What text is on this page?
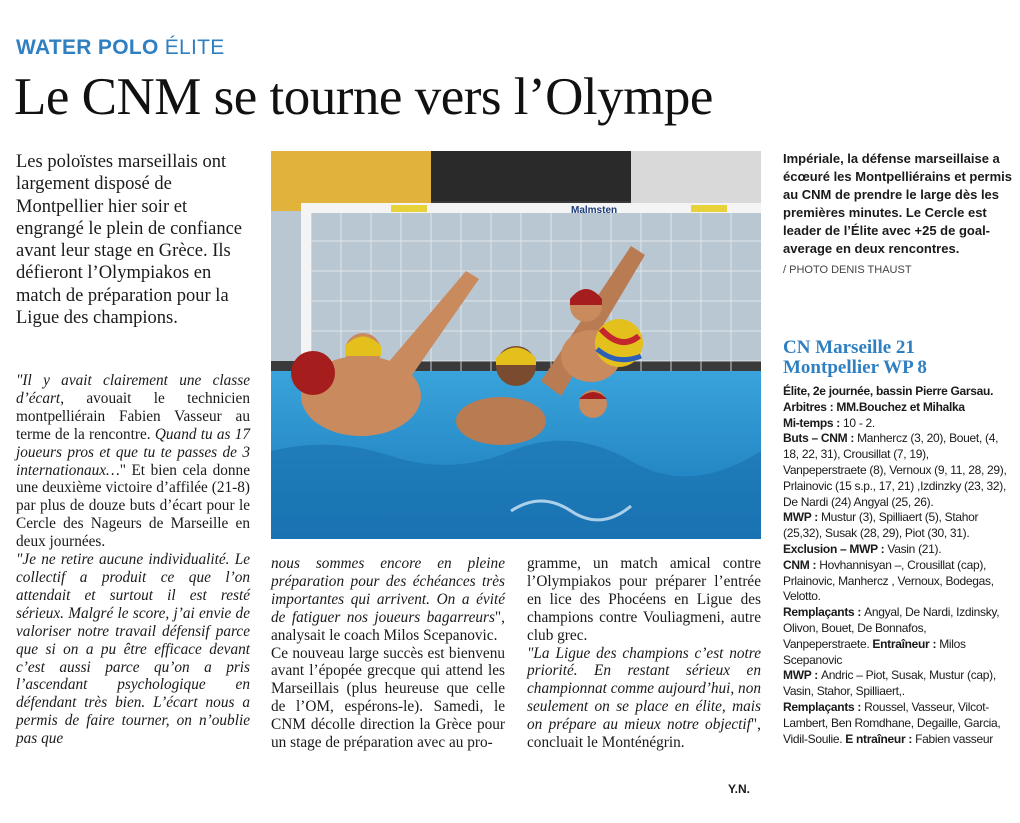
WATER POLO ÉLITE
Le CNM se tourne vers l’Olympe
Les poloïstes marseillais ont largement disposé de Montpellier hier soir et engrangé le plein de confiance avant leur stage en Grèce. Ils défieront l’Olympiakos en match de préparation pour la Ligue des champions.

"Il y avait clairement une classe d’écart, avouait le technicien montpelliérain Fabien Vasseur au terme de la rencontre. Quand tu as 17 joueurs pros et que tu te passes de 3 internationaux…" Et bien cela donne une deuxième victoire d’affilée (21-8) par plus de douze buts d’écart pour le Cercle des Nageurs de Marseille en deux journées.

"Je ne retire aucune individualité. Le collectif a produit ce que l’on attendait et surtout il est resté sérieux. Malgré le score, j’ai envie de valoriser notre travail défensif parce que si on a pu être efficace devant c’est aussi parce qu’on a pris l’ascendant psychologique en défendant très bien. L’écart nous a permis de faire tourner, on n’oublie pas que

nous sommes encore en pleine préparation pour des échéances très importantes qui arrivent. On a évité de fatiguer nos joueurs bagarreurs", analysait le coach Milos Scepanovic.

Ce nouveau large succès est bienvenu avant l’épopée grecque qui attend les Marseillais (plus heureuse que celle de l’OM, espérons-le). Samedi, le CNM décolle direction la Grèce pour un stage de préparation avec au pro-

gramme, un match amical contre l’Olympiakos pour préparer l’entrée en lice des Phocéens en Ligue des champions contre Vouliagmeni, autre club grec.

"La Ligue des champions c’est notre priorité. En restant sérieux en championnat comme aujourd’hui, non seulement on se place en élite, mais on prépare au mieux notre objectif", concluait le Monténégrin.

Y.N.
Malmsten
Impériale, la défense marseillaise a écœuré les Montpelliérains et permis au CNM de prendre le large dès les premières minutes. Le Cercle est leader de l’Élite avec +25 de goal-average en deux rencontres.
/ PHOTO DENIS THAUST
CN Marseille 21
Montpellier WP 8
Élite, 2e journée, bassin Pierre Garsau.
Arbitres : MM.Bouchez et Mihalka
Mi-temps : 10 - 2.
Buts – CNM : Manhercz (3, 20), Bouet, (4, 18, 22, 31), Crousillat (7, 19), Vanpeperstraete (8), Vernoux (9, 11, 28, 29), Prlainovic (15 s.p., 17, 21) ,Izdinzky (23, 32), De Nardi (24) Angyal (25, 26).
MWP : Mustur (3), Spilliaert (5), Stahor (25,32), Susak (28, 29), Piot (30, 31).
Exclusion – MWP : Vasin (21).
CNM : Hovhannisyan –, Crousillat (cap), Prlainovic, Manhercz , Vernoux, Bodegas, Velotto.
Remplaçants : Angyal, De Nardi, Izdinsky, Olivon, Bouet, De Bonnafos, Vanpeperstraete. Entraîneur : Milos Scepanovic
MWP : Andric – Piot, Susak, Mustur (cap), Vasin, Stahor, Spilliaert,.
Remplaçants : Roussel, Vasseur, Vilcot-Lambert, Ben Romdhane, Degaille, Garcia, Vidil-Soulie. E ntraîneur : Fabien vasseur
